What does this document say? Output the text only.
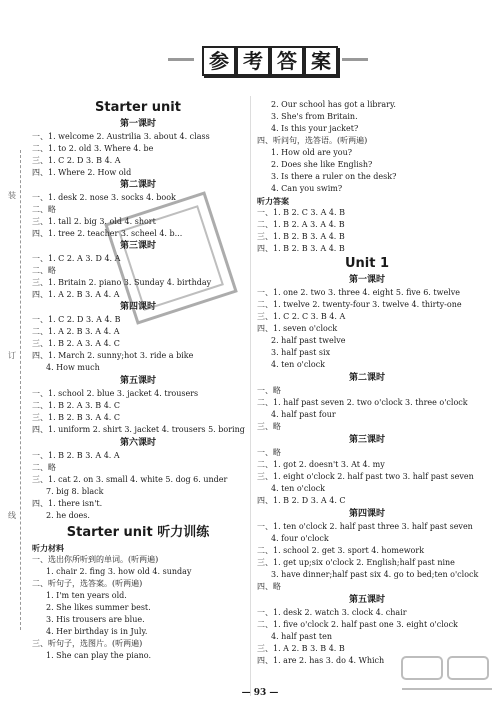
参 考 答 案
装
订
线
Starter unit
第一课时
一、1. welcome 2. Austrilia 3. about 4. class
二、1. to 2. old 3. Where 4. be
三、1. C 2. D 3. B 4. A
四、1. Where 2. How old
第二课时
一、1. desk 2. nose 3. socks 4. book
二、略
三、1. tall 2. big 3. old 4. short
四、1. tree 2. teacher 3. scheel 4. b...
第三课时
一、1. C 2. A 3. D 4. A
二、略
三、1. Britain 2. piano 3. Sunday 4. birthday
四、1. A 2. B 3. A 4. A
第四课时
一、1. C 2. D 3. A 4. B
二、1. A 2. B 3. A 4. A
三、1. B 2. A 3. A 4. C
四、1. March 2. sunny;hot 3. ride a bike
4. How much
第五课时
一、1. school 2. blue 3. jacket 4. trousers
二、1. B 2. A 3. B 4. C
三、1. B 2. B 3. A 4. C
四、1. uniform 2. shirt 3. jacket 4. trousers 5. boring
第六课时
一、1. B 2. B 3. A 4. A
二、略
三、1. cat 2. on 3. small 4. white 5. dog 6. under
7. big 8. black
四、1. there isn't.
2. he does.
Starter unit 听力训练
听力材料
一、选出你所听到的单词。(听两遍)
1. chair 2. fing 3. how old 4. sunday
二、听句子，选答案。(听两遍)
1. I'm ten years old.
2. She likes summer best.
3. His trousers are blue.
4. Her birthday is in July.
三、听句子，选图片。(听两遍)
1. She can play the piano.
2. Our school has got a library.
3. She's from Britain.
4. Is this your jacket?
四、听问句，选答语。(听两遍)
1. How old are you?
2. Does she like English?
3. Is there a ruler on the desk?
4. Can you swim?
听力答案
一、1. B 2. C 3. A 4. B
二、1. B 2. A 3. A 4. B
三、1. B 2. B 3. A 4. B
四、1. B 2. B 3. A 4. B
Unit 1
第一课时
一、1. one 2. two 3. three 4. eight 5. five 6. twelve
二、1. twelve 2. twenty-four 3. twelve 4. thirty-one
三、1. C 2. C 3. B 4. A
四、1. seven o'clock
2. half past twelve
3. half past six
4. ten o'clock
第二课时
一、略
二、1. half past seven 2. two o'clock 3. three o'clock
4. half past four
三、略
第三课时
一、略
二、1. got 2. doesn't 3. At 4. my
三、1. eight o'clock 2. half past two 3. half past seven
4. ten o'clock
四、1. B 2. D 3. A 4. C
第四课时
一、1. ten o'clock 2. half past three 3. half past seven
4. four o'clock
二、1. school 2. get 3. sport 4. homework
三、1. get up;six o'clock 2. English;half past nine
3. have dinner;half past six 4. go to bed;ten o'clock
四、略
第五课时
一、1. desk 2. watch 3. clock 4. chair
二、1. five o'clock 2. half past one 3. eight o'clock
4. half past ten
三、1. A 2. B 3. B 4. B
四、1. are 2. has 3. do 4. Which
— 93 —
